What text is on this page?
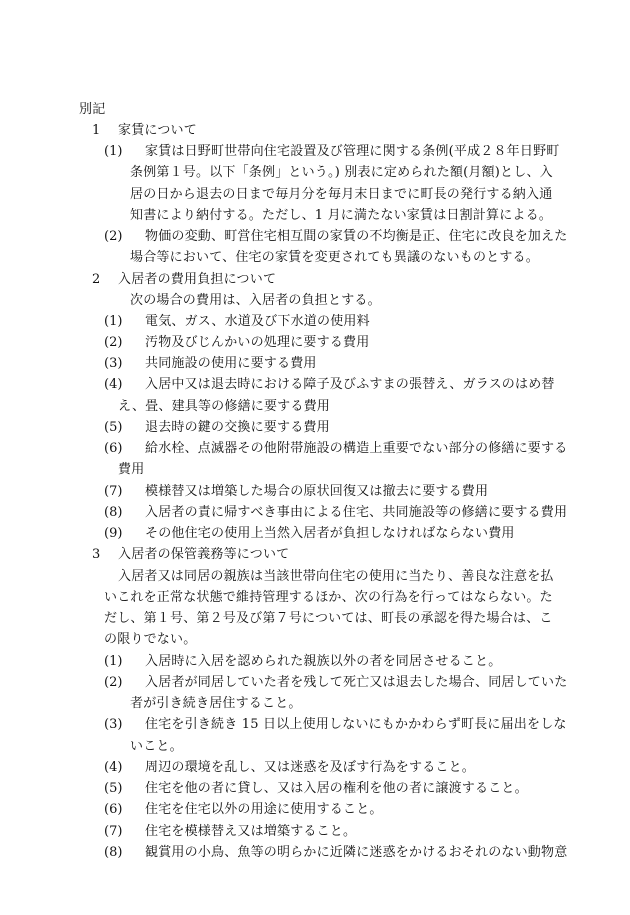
別記
1 家賃について
(1) 家賃は日野町世帯向住宅設置及び管理に関する条例(平成２８年日野町
条例第１号。以下「条例」という。) 別表に定められた額(月額)とし、入
居の日から退去の日まで毎月分を毎月末日までに町長の発行する納入通
知書により納付する。ただし、1 月に満たない家賃は日割計算による。
(2) 物価の変動、町営住宅相互間の家賃の不均衡是正、住宅に改良を加えた
場合等において、住宅の家賃を変更されても異議のないものとする。
2 入居者の費用負担について
次の場合の費用は、入居者の負担とする。
(1) 電気、ガス、水道及び下水道の使用料
(2) 汚物及びじんかいの処理に要する費用
(3) 共同施設の使用に要する費用
(4) 入居中又は退去時における障子及びふすまの張替え、ガラスのはめ替
え、畳、建具等の修繕に要する費用
(5) 退去時の鍵の交換に要する費用
(6) 給水栓、点滅器その他附帯施設の構造上重要でない部分の修繕に要する
費用
(7) 模様替又は増築した場合の原状回復又は撤去に要する費用
(8) 入居者の責に帰すべき事由による住宅、共同施設等の修繕に要する費用
(9) その他住宅の使用上当然入居者が負担しなければならない費用
3 入居者の保管義務等について
入居者又は同居の親族は当該世帯向住宅の使用に当たり、善良な注意を払
いこれを正常な状態で維持管理するほか、次の行為を行ってはならない。た
だし、第１号、第２号及び第７号については、町長の承認を得た場合は、こ
の限りでない。
(1) 入居時に入居を認められた親族以外の者を同居させること。
(2) 入居者が同居していた者を残して死亡又は退去した場合、同居していた
者が引き続き居住すること。
(3) 住宅を引き続き 15 日以上使用しないにもかかわらず町長に届出をしな
いこと。
(4) 周辺の環境を乱し、又は迷惑を及ぼす行為をすること。
(5) 住宅を他の者に貸し、又は入居の権利を他の者に譲渡すること。
(6) 住宅を住宅以外の用途に使用すること。
(7) 住宅を模様替え又は増築すること。
(8) 観賞用の小鳥、魚等の明らかに近隣に迷惑をかけるおそれのない動物意
